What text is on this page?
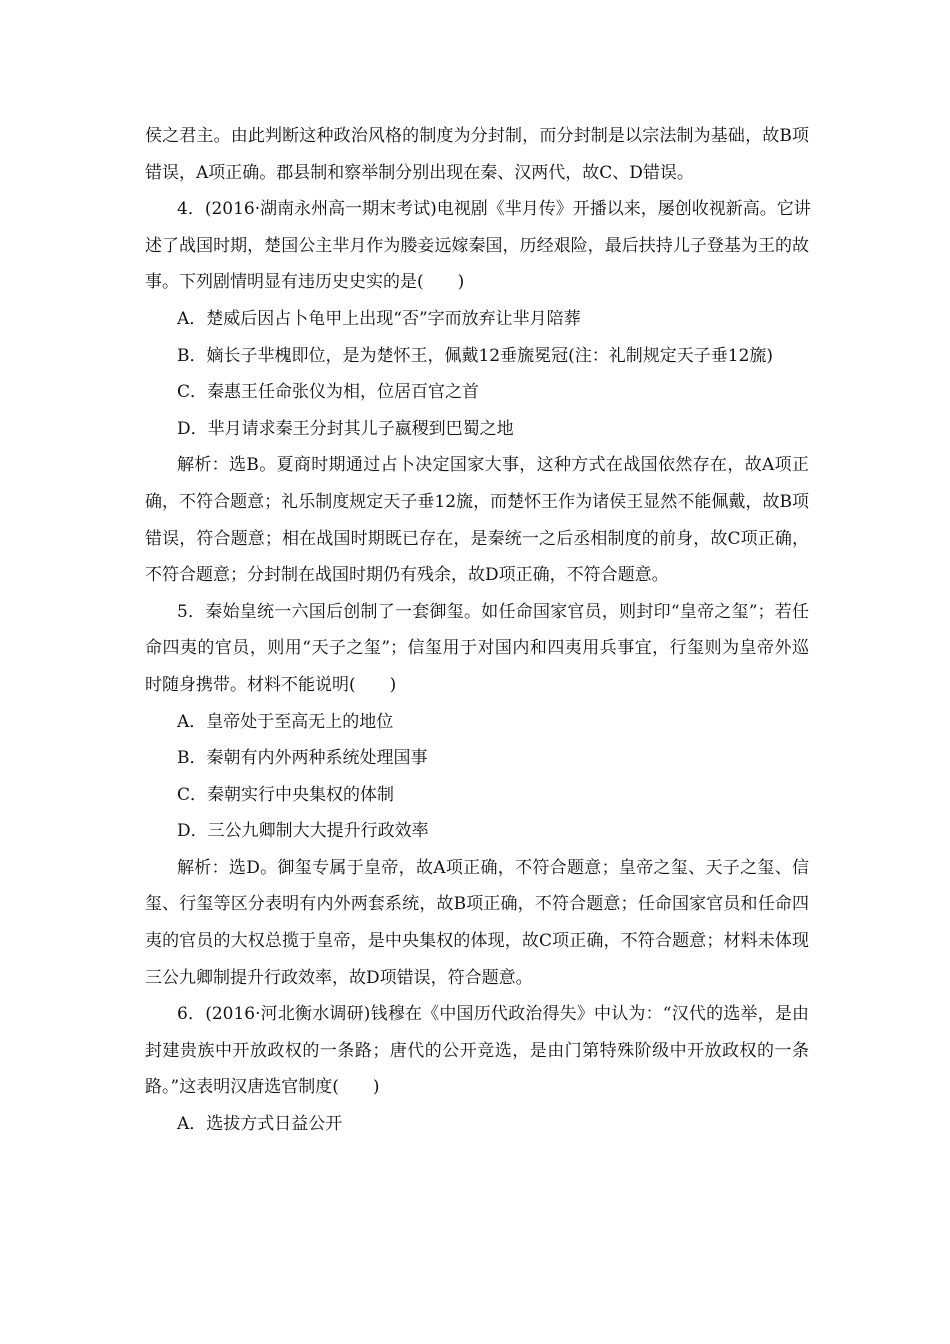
侯之君主。由此判断这种政治风格的制度为分封制，而分封制是以宗法制为基础，故B项
错误，A项正确。郡县制和察举制分别出现在秦、汉两代，故C、D错误。
4．(2016·湖南永州高一期末考试)电视剧《芈月传》开播以来，屡创收视新高。它讲
述了战国时期，楚国公主芈月作为媵妾远嫁秦国，历经艰险，最后扶持儿子登基为王的故
事。下列剧情明显有违历史史实的是(　　)
A．楚威后因占卜龟甲上出现“否”字而放弃让芈月陪葬
B．嫡长子芈槐即位，是为楚怀王，佩戴12垂旒冕冠(注：礼制规定天子垂12旒)
C．秦惠王任命张仪为相，位居百官之首
D．芈月请求秦王分封其儿子嬴稷到巴蜀之地
解析：选B。夏商时期通过占卜决定国家大事，这种方式在战国依然存在，故A项正
确，不符合题意；礼乐制度规定天子垂12旒，而楚怀王作为诸侯王显然不能佩戴，故B项
错误，符合题意；相在战国时期既已存在，是秦统一之后丞相制度的前身，故C项正确，
不符合题意；分封制在战国时期仍有残余，故D项正确，不符合题意。
5．秦始皇统一六国后创制了一套御玺。如任命国家官员，则封印“皇帝之玺”；若任
命四夷的官员，则用“天子之玺”；信玺用于对国内和四夷用兵事宜，行玺则为皇帝外巡
时随身携带。材料不能说明(　　)
A．皇帝处于至高无上的地位
B．秦朝有内外两种系统处理国事
C．秦朝实行中央集权的体制
D．三公九卿制大大提升行政效率
解析：选D。御玺专属于皇帝，故A项正确，不符合题意；皇帝之玺、天子之玺、信
玺、行玺等区分表明有内外两套系统，故B项正确，不符合题意；任命国家官员和任命四
夷的官员的大权总揽于皇帝，是中央集权的体现，故C项正确，不符合题意；材料未体现
三公九卿制提升行政效率，故D项错误，符合题意。
6．(2016·河北衡水调研)钱穆在《中国历代政治得失》中认为：“汉代的选举，是由
封建贵族中开放政权的一条路；唐代的公开竞选，是由门第特殊阶级中开放政权的一条
路。”这表明汉唐选官制度(　　)
A．选拔方式日益公开
